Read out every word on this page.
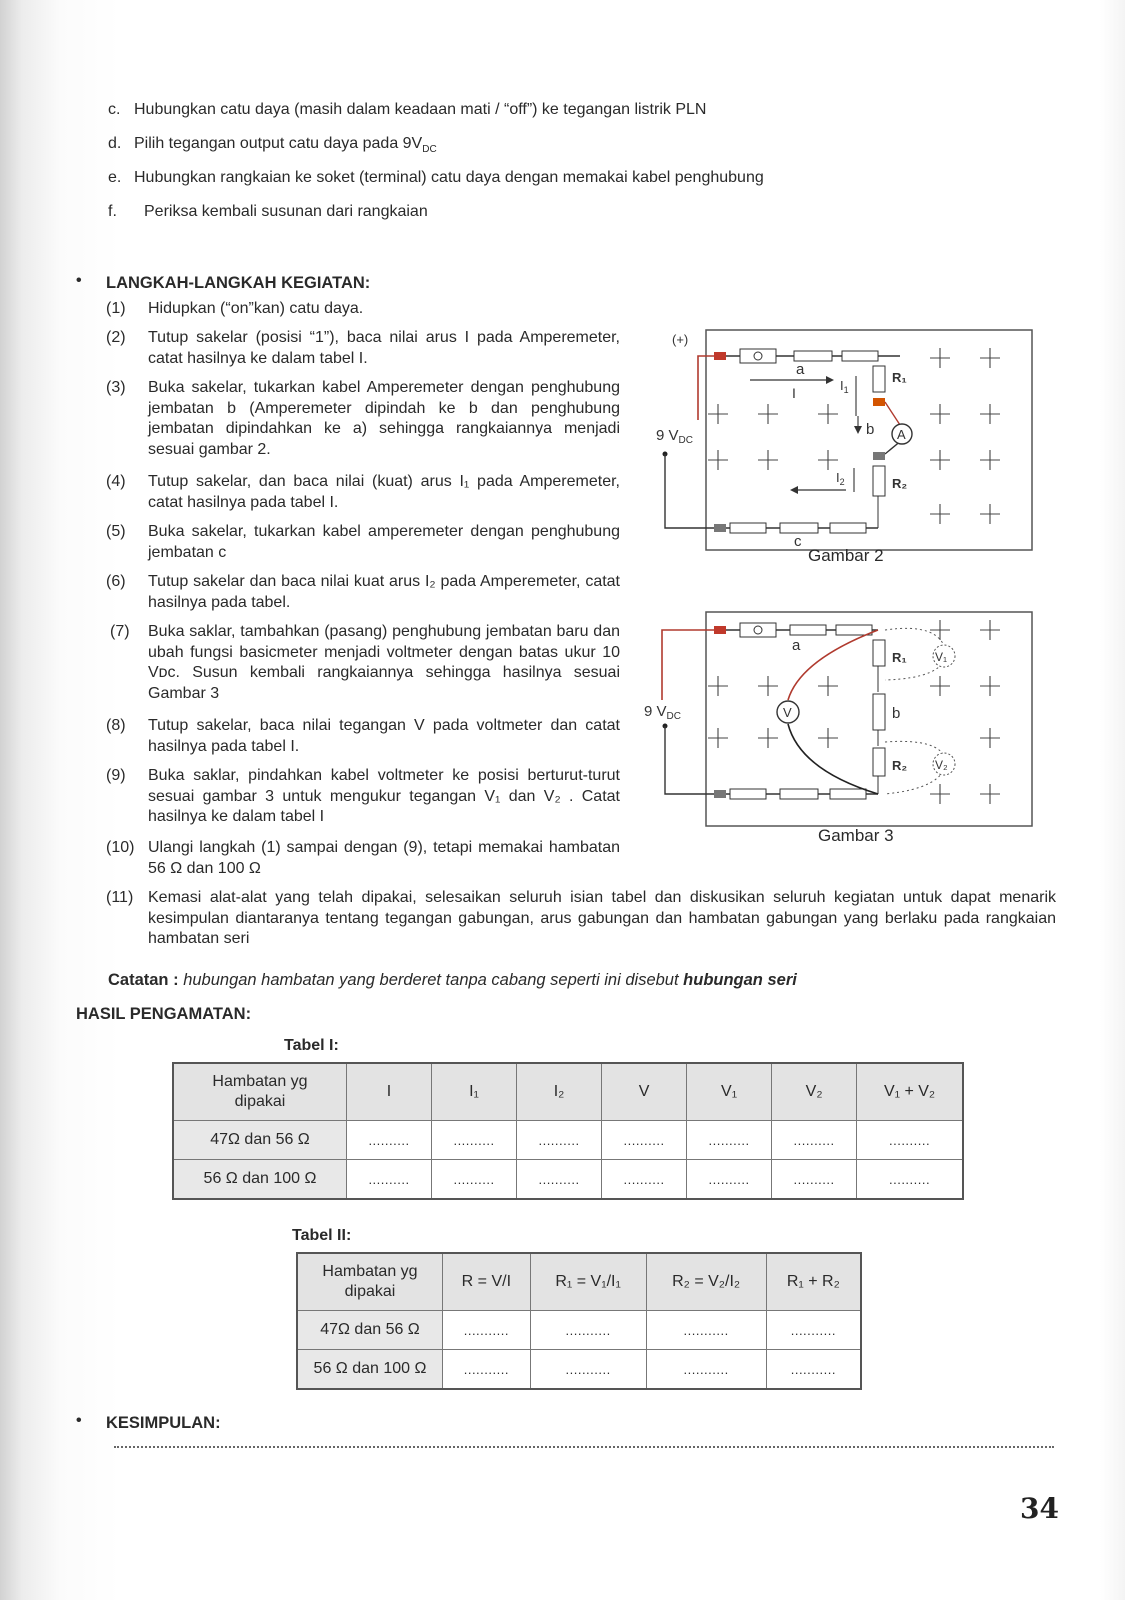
c. Hubungkan catu daya (masih dalam keadaan mati / “off”) ke tegangan listrik PLN
d. Pilih tegangan output catu daya pada $9V_{DC}$
e. Hubungkan rangkaian ke soket (terminal) catu daya dengan memakai kabel penghubung
f. Periksa kembali susunan dari rangkaian
• LANGKAH-LANGKAH KEGIATAN:
(1) Hidupkan (“on”kan) catu daya.
(2) Tutup sakelar (posisi “1”), baca nilai arus I pada Amperemeter, catat hasilnya ke dalam tabel I.
(3) Buka sakelar, tukarkan kabel Amperemeter dengan penghubung jembatan b (Amperemeter dipindah ke b dan penghubung jembatan dipindahkan ke a) sehingga rangkaiannya menjadi sesuai gambar 2.
(4) Tutup sakelar, dan baca nilai (kuat) arus I₁ pada Amperemeter, catat hasilnya pada tabel I.
(5) Buka sakelar, tukarkan kabel amperemeter dengan penghubung jembatan c
(6) Tutup sakelar dan baca nilai kuat arus I₂ pada Amperemeter, catat hasilnya pada tabel.
(7) Buka saklar, tambahkan (pasang) penghubung jembatan baru dan ubah fungsi basicmeter menjadi voltmeter dengan batas ukur 10 Vᴅᴄ. Susun kembali rangkaiannya sehingga hasilnya sesuai Gambar 3
(8) Tutup sakelar, baca nilai tegangan V pada voltmeter dan catat hasilnya pada tabel I.
(9) Buka saklar, pindahkan kabel voltmeter ke posisi berturut-turut sesuai gambar 3 untuk mengukur tegangan V₁ dan V₂ . Catat hasilnya ke dalam tabel I
(10) Ulangi langkah (1) sampai dengan (9), tetapi memakai hambatan 56 Ω dan 100 Ω
(11) Kemasi alat-alat yang telah dipakai, selesaikan seluruh isian tabel dan diskusikan seluruh kegiatan untuk dapat menarik kesimpulan diantaranya tentang tegangan gabungan, arus gabungan dan hambatan gabungan yang berlaku pada rangkaian hambatan seri
(+)
9 $V_{DC}$
a
I
R₁
$I_1$
b A
R₂
$I_2$
c
Gambar 2
9 $V_{DC}$
a
R₁
b
R₂
V
V₁
V₂
Gambar 3
Catatan : hubungan hambatan yang berderet tanpa cabang seperti ini disebut hubungan seri
HASIL PENGAMATAN:
Tabel I:
Hambatan yg dipakai	I	I₁	I₂	V	V₁	V₂	V₁ + V₂
47Ω dan 56 Ω	..........	..........	..........	..........	..........	..........	..........
56 Ω dan 100 Ω	..........	..........	..........	..........	..........	..........	..........
Tabel II:
Hambatan yg dipakai	R = V/I	R₁ = V₁/I₁	R₂ = V₂/I₂	R₁ + R₂
47Ω dan 56 Ω	...........	...........	...........	...........
56 Ω dan 100 Ω	...........	...........	...........	...........
• KESIMPULAN:
34
